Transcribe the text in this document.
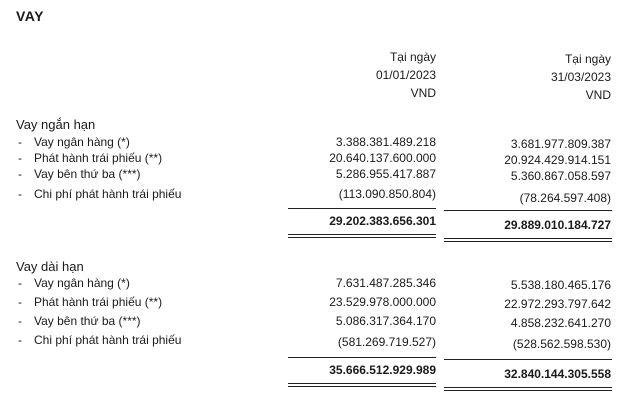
VAY
Tại ngày
01/01/2023
VND
Tại ngày
31/03/2023
VND
Vay ngắn hạn
- Vay ngân hàng (*)	3.388.381.489.218	3.681.977.809.387
- Phát hành trái phiếu (**)	20.640.137.600.000	20.924.429.914.151
- Vay bên thứ ba (***)	5.286.955.417.887	5.360.867.058.597
- Chi phí phát hành trái phiếu	(113.090.850.804)	(78.264.597.408)
29.202.383.656.301	29.889.010.184.727
Vay dài hạn
- Vay ngân hàng (*)	7.631.487.285.346	5.538.180.465.176
- Phát hành trái phiếu (**)	23.529.978.000.000	22.972.293.797.642
- Vay bên thứ ba (***)	5.086.317.364.170	4.858.232.641.270
- Chi phí phát hành trái phiếu	(581.269.719.527)	(528.562.598.530)
35.666.512.929.989	32.840.144.305.558
